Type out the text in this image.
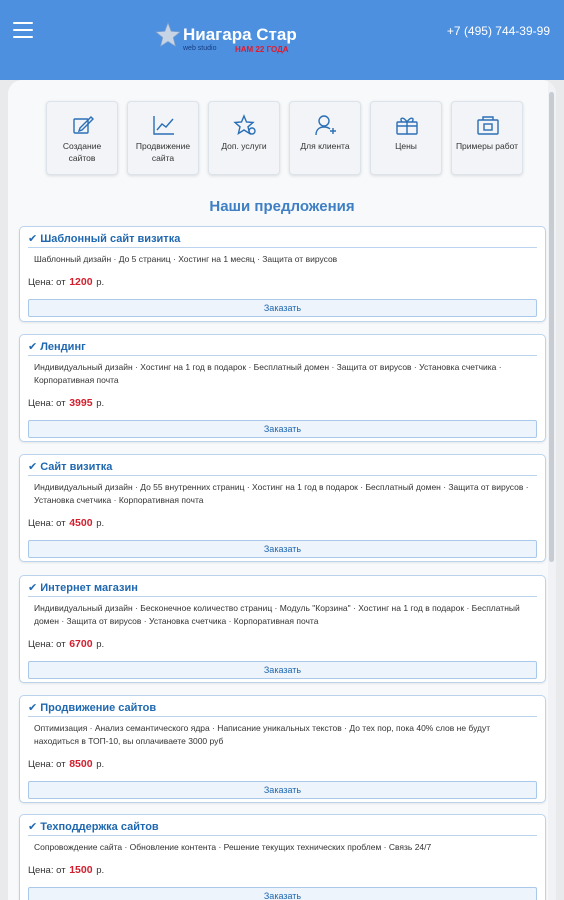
Ниагара Стар
web studio НАМ 22 ГОДА
+7 (495) 744-39-99
Создание сайтов
Продвижение сайта
Доп. услуги	Для клиента	Цены	Примеры работ
Наши предложения
✔ Шаблонный сайт визитка
Шаблонный дизайн · До 5 страниц · Хостинг на 1 месяц · Защита от вирусов
Цена: от 1200 р.
Заказать
✔ Лендинг
Индивидуальный дизайн · Хостинг на 1 год в подарок · Бесплатный домен · Защита от вирусов · Установка счетчика · Корпоративная почта
Цена: от 3995 р.
Заказать
✔ Сайт визитка
Индивидуальный дизайн · До 55 внутренних страниц · Хостинг на 1 год в подарок · Бесплатный домен · Защита от вирусов · Установка счетчика · Корпоративная почта
Цена: от 4500 р.
Заказать
✔ Интернет магазин
Индивидуальный дизайн · Бесконечное количество страниц · Модуль "Корзина" · Хостинг на 1 год в подарок · Бесплатный домен · Защита от вирусов · Установка счетчика · Корпоративная почта
Цена: от 6700 р.
Заказать
✔ Продвижение сайтов
Оптимизация · Анализ семантического ядра · Написание уникальных текстов · До тех пор, пока 40% слов не будут находиться в ТОП-10, вы оплачиваете 3000 руб
Цена: от 8500 р.
Заказать
✔ Техподдержка сайтов
Сопровождение сайта · Обновление контента · Решение текущих технических проблем · Связь 24/7
Цена: от 1500 р.
Заказать
